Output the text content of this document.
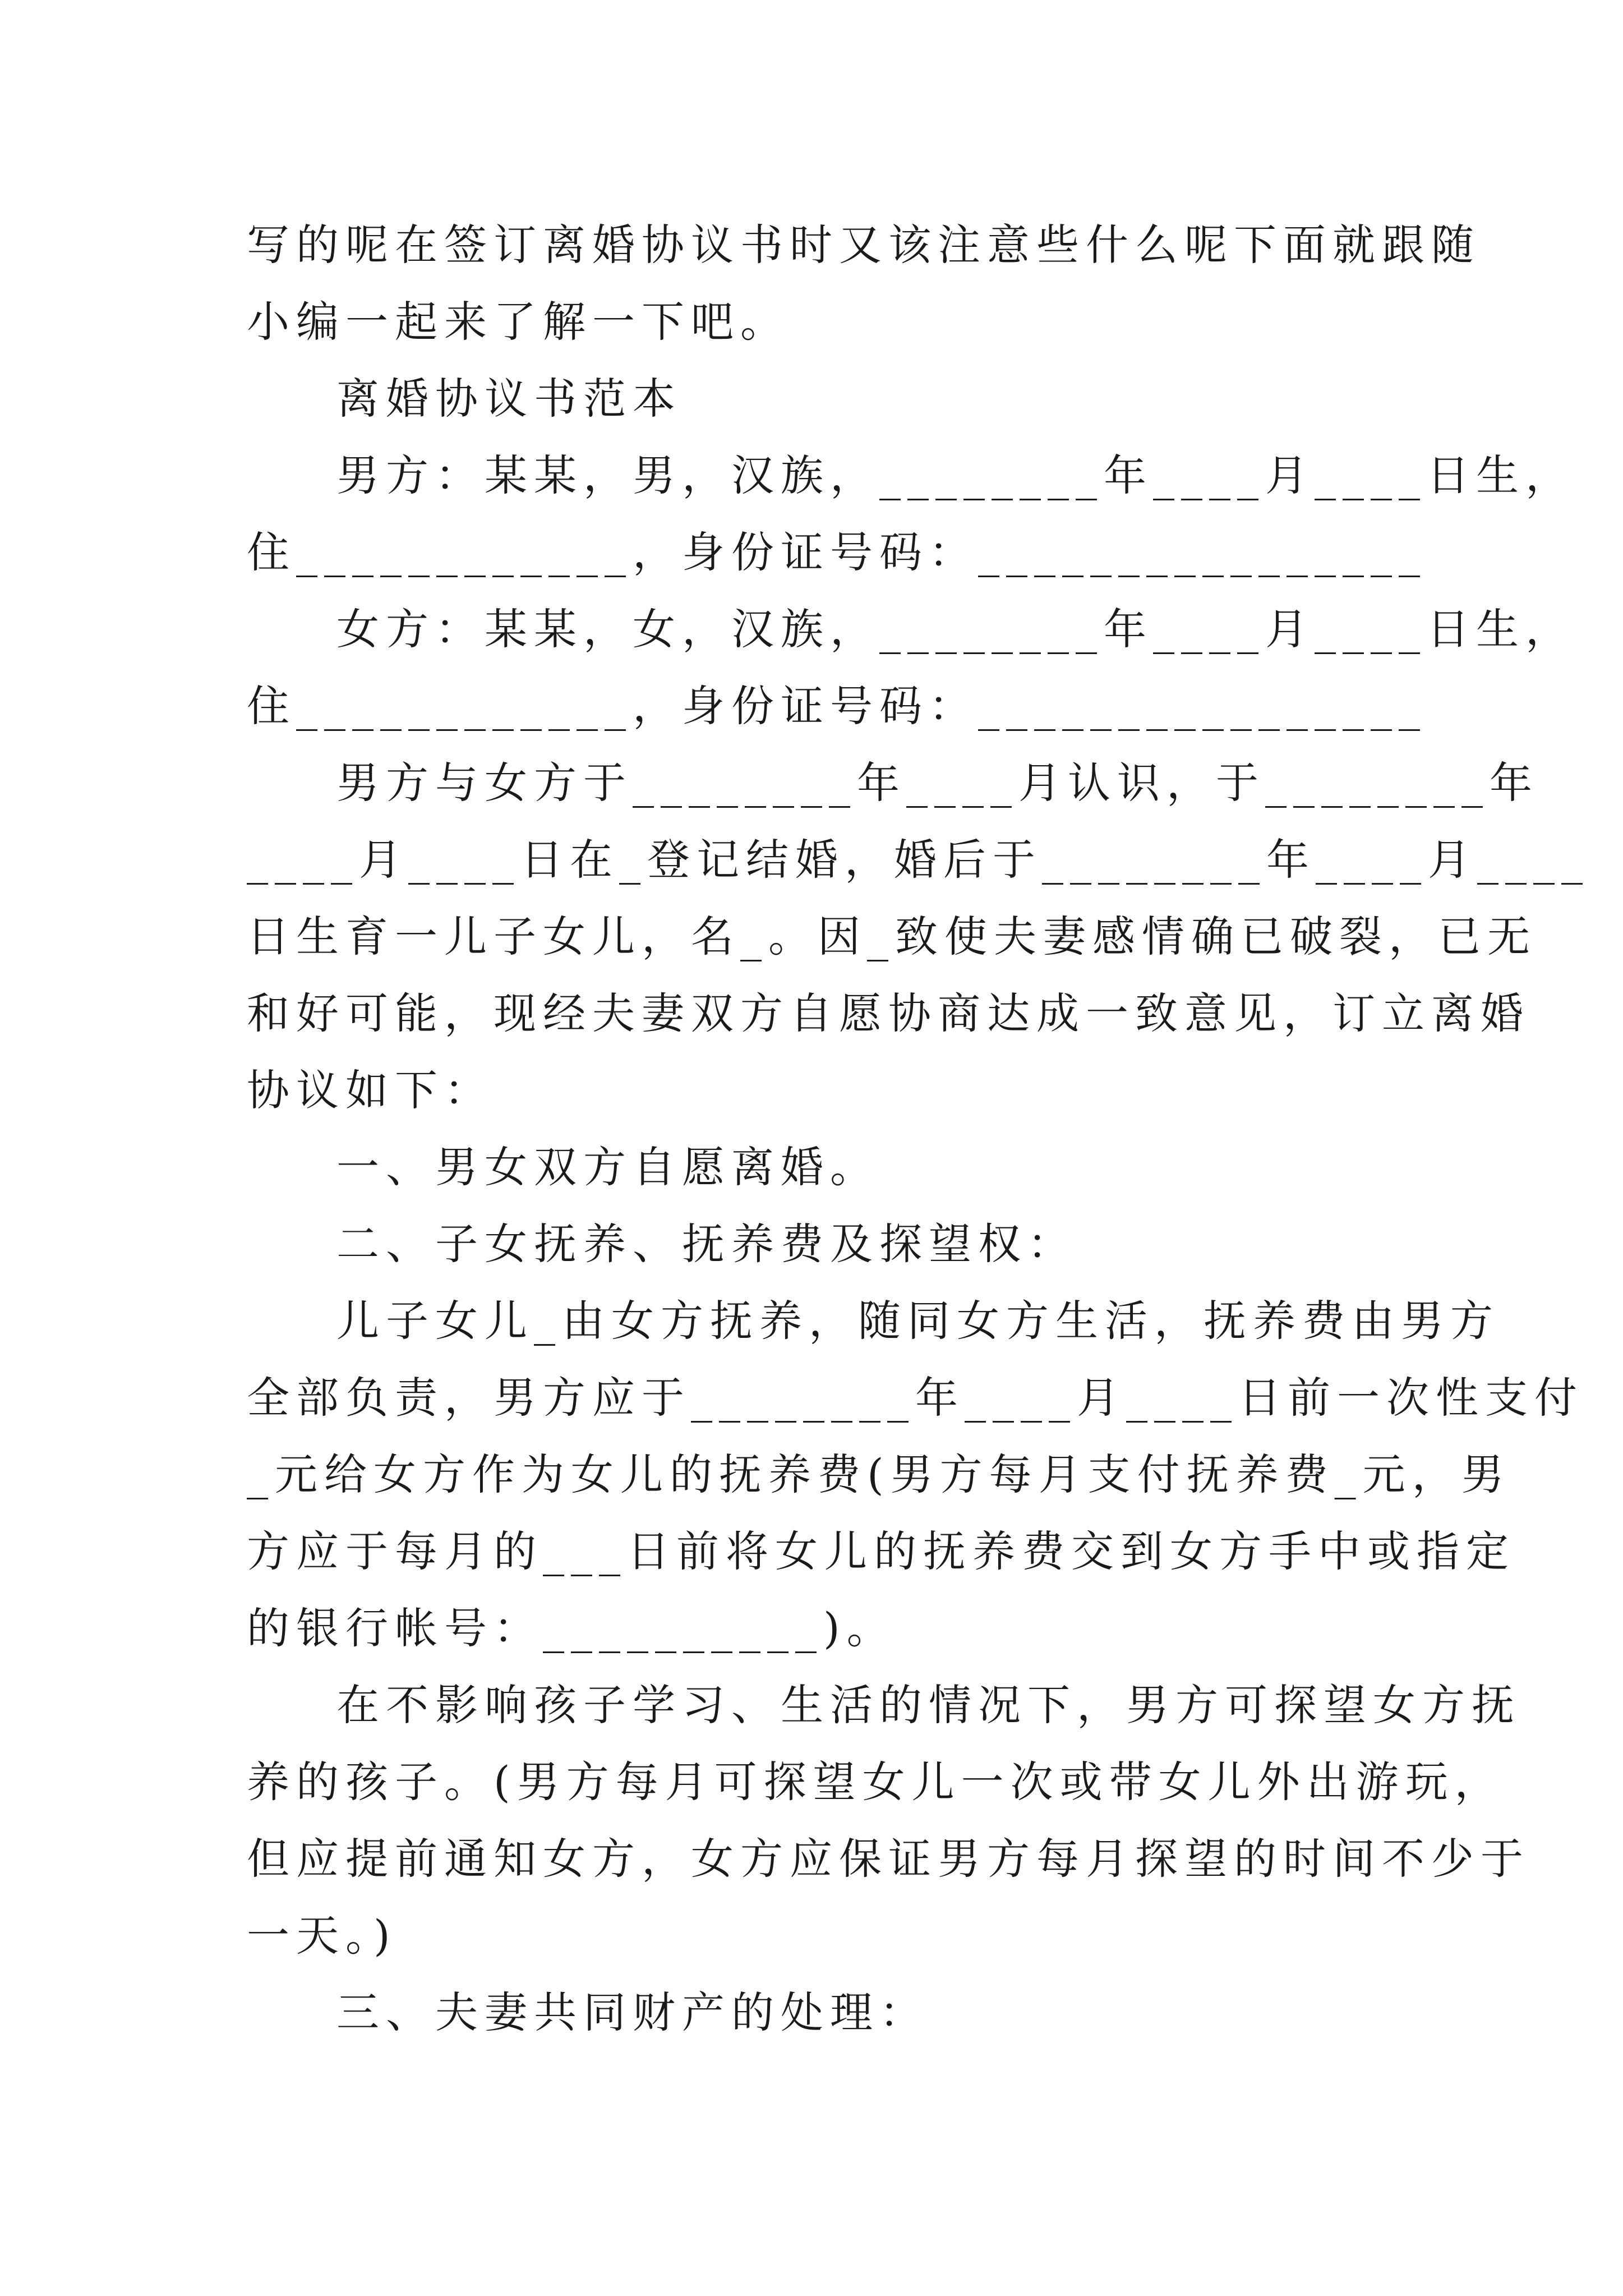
写的呢在签订离婚协议书时又该注意些什么呢下面就跟随
小编一起来了解一下吧。
离婚协议书范本
男方：某某，男，汉族，________年____月____日生，
住____________，身份证号码：________________
女方：某某，女，汉族，________年____月____日生，
住____________，身份证号码：________________
男方与女方于________年____月认识，于________年
____月____日在_登记结婚，婚后于________年____月____
日生育一儿子女儿，名_。因_致使夫妻感情确已破裂，已无
和好可能，现经夫妻双方自愿协商达成一致意见，订立离婚
协议如下：
一、男女双方自愿离婚。
二、子女抚养、抚养费及探望权：
儿子女儿_由女方抚养，随同女方生活，抚养费由男方
全部负责，男方应于________年____月____日前一次性支付
_元给女方作为女儿的抚养费(男方每月支付抚养费_元，男
方应于每月的___日前将女儿的抚养费交到女方手中或指定
的银行帐号：__________)。
在不影响孩子学习、生活的情况下，男方可探望女方抚
养的孩子。(男方每月可探望女儿一次或带女儿外出游玩，
但应提前通知女方，女方应保证男方每月探望的时间不少于
一天。)
三、夫妻共同财产的处理：
